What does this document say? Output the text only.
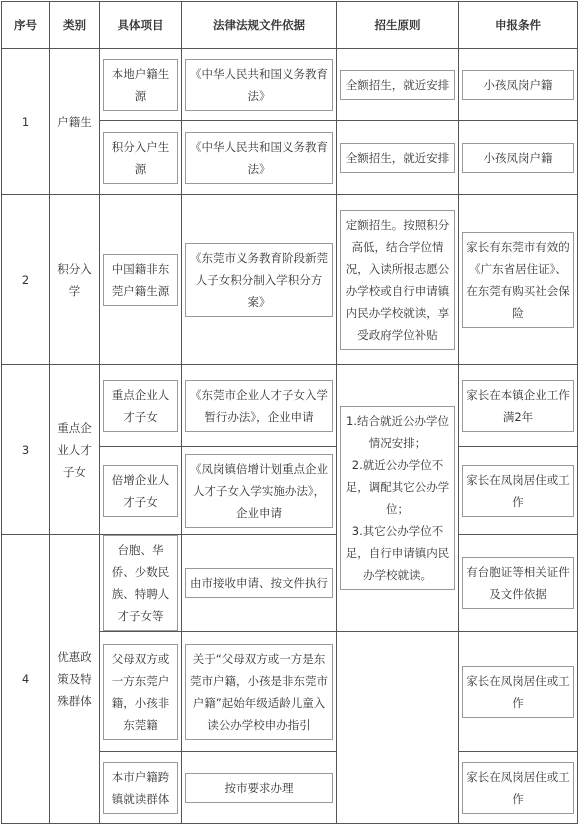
序号	类别	具体项目	法律法规文件依据	招生原则	申报条件
1	户籍生	本地户籍生源	《中华人民共和国义务教育法》	全额招生，就近安排	小孩凤岗户籍

		积分入户生源	《中华人民共和国义务教育法》	全额招生，就近安排	小孩凤岗户籍

2	积分入学	中国籍非东莞户籍生源	《东莞市义务教育阶段新莞人子女积分制入学积分方案》	定额招生。按照积分高低，结合学位情况，入读所报志愿公办学校或自行申请镇内民办学校就读，享受政府学位补贴	家长有东莞市有效的《广东省居住证》、在东莞有购买社会保险

3	重点企业人才子女	重点企业人才子女	《东莞市企业人才子女入学暂行办法》，企业申请	1.结合就近公办学位情况安排；
2.就近公办学位不足，调配其它公办学位；
3.其它公办学位不足，自行申请镇内民办学校就读。	家长在本镇企业工作满2年

		倍增企业人才子女	《凤岗镇倍增计划重点企业人才子女入学实施办法》，企业申请		家长在凤岗居住或工作

4	优惠政策及特殊群体	台胞、华侨、少数民族、特聘人才子女等	由市接收申请、按文件执行		有台胞证等相关证件及文件依据

		父母双方或一方东莞户籍，小孩非东莞籍	关于“父母双方或一方是东莞市户籍，小孩是非东莞市户籍”起始年级适龄儿童入读公办学校申办指引		家长在凤岗居住或工作

		本市户籍跨镇就读群体	按市要求办理		家长在凤岗居住或工作
